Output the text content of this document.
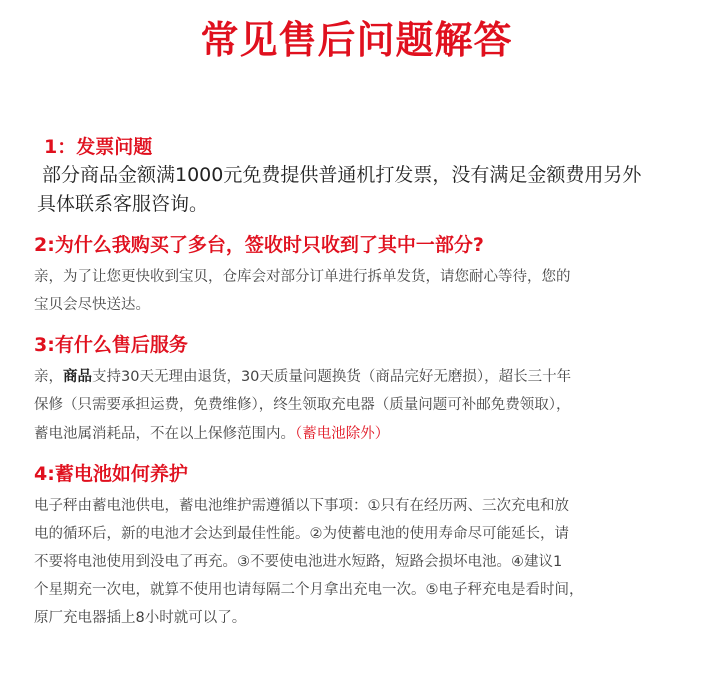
常见售后问题解答
1：发票问题
部分商品金额满1000元免费提供普通机打发票，没有满足金额费用另外
具体联系客服咨询。
2:为什么我购买了多台，签收时只收到了其中一部分?
亲，为了让您更快收到宝贝，仓库会对部分订单进行拆单发货，请您耐心等待，您的
宝贝会尽快送达。
3:有什么售后服务
亲，商品支持30天无理由退货，30天质量问题换货（商品完好无磨损），超长三十年
保修（只需要承担运费，免费维修），终生领取充电器（质量问题可补邮免费领取），
蓄电池属消耗品，不在以上保修范围内。（蓄电池除外）
4:蓄电池如何养护
电子秤由蓄电池供电，蓄电池维护需遵循以下事项：①只有在经历两、三次充电和放
电的循环后，新的电池才会达到最佳性能。②为使蓄电池的使用寿命尽可能延长，请
不要将电池使用到没电了再充。③不要使电池进水短路，短路会损坏电池。④建议1
个星期充一次电，就算不使用也请每隔二个月拿出充电一次。⑤电子秤充电是看时间，
原厂充电器插上8小时就可以了。
